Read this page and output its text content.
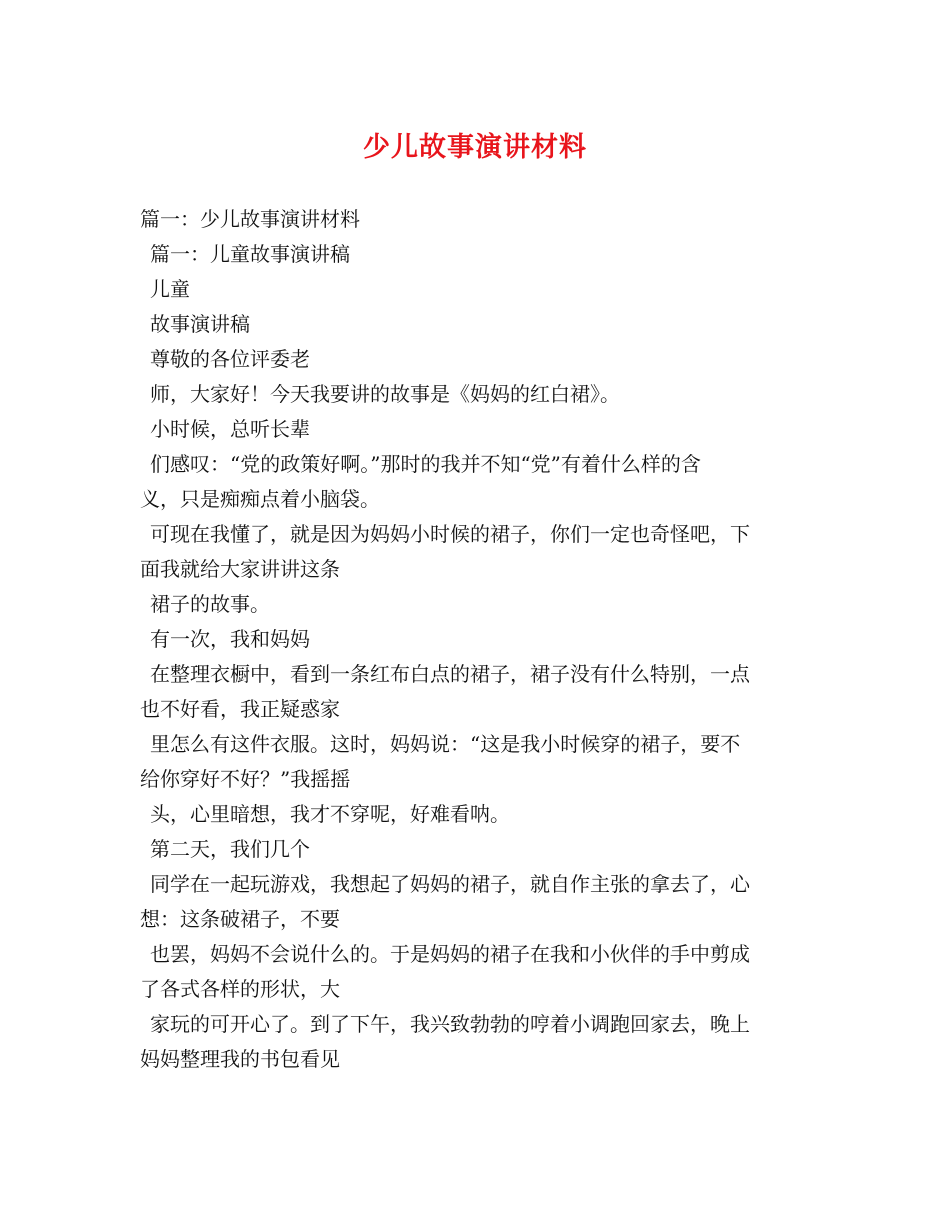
少儿故事演讲材料
篇一：少儿故事演讲材料
篇一：儿童故事演讲稿
儿童
故事演讲稿
尊敬的各位评委老
师，大家好！今天我要讲的故事是《妈妈的红白裙》。
小时候，总听长辈
们感叹：“党的政策好啊。”那时的我并不知“党”有着什么样的含
义，只是痴痴点着小脑袋。
可现在我懂了，就是因为妈妈小时候的裙子，你们一定也奇怪吧，下
面我就给大家讲讲这条
裙子的故事。
有一次，我和妈妈
在整理衣橱中，看到一条红布白点的裙子，裙子没有什么特别，一点
也不好看，我正疑惑家
里怎么有这件衣服。这时，妈妈说：“这是我小时候穿的裙子，要不
给你穿好不好？”我摇摇
头，心里暗想，我才不穿呢，好难看呐。
第二天，我们几个
同学在一起玩游戏，我想起了妈妈的裙子，就自作主张的拿去了，心
想：这条破裙子，不要
也罢，妈妈不会说什么的。于是妈妈的裙子在我和小伙伴的手中剪成
了各式各样的形状，大
家玩的可开心了。到了下午，我兴致勃勃的哼着小调跑回家去，晚上
妈妈整理我的书包看见
